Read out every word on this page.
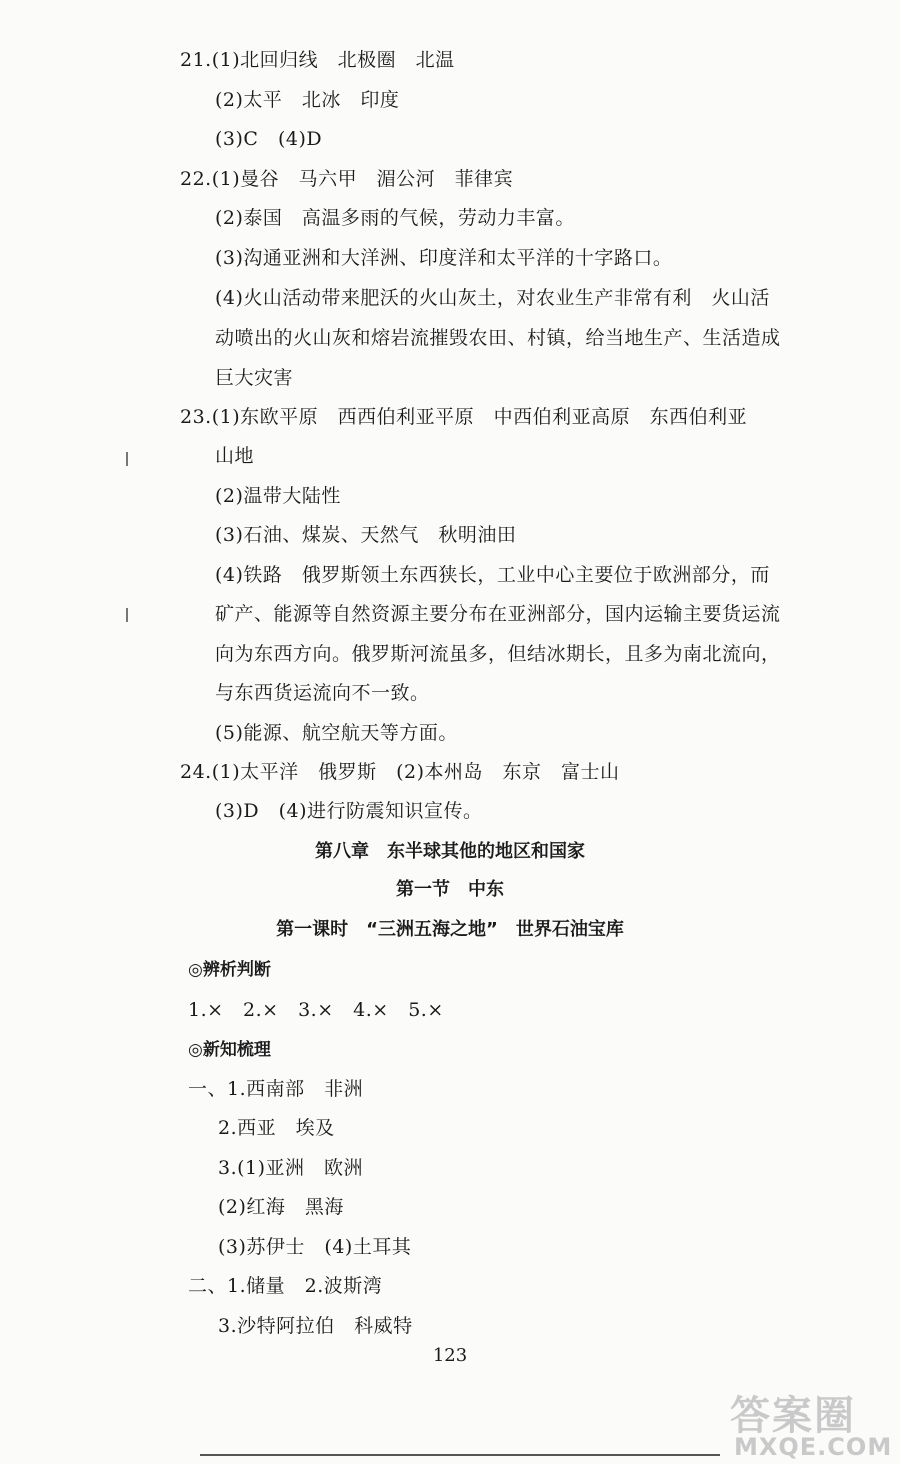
21.(1)北回归线　北极圈　北温
(2)太平　北冰　印度
(3)C　(4)D
22.(1)曼谷　马六甲　湄公河　菲律宾
(2)泰国　高温多雨的气候，劳动力丰富。
(3)沟通亚洲和大洋洲、印度洋和太平洋的十字路口。
(4)火山活动带来肥沃的火山灰土，对农业生产非常有利　火山活
动喷出的火山灰和熔岩流摧毁农田、村镇，给当地生产、生活造成
巨大灾害
23.(1)东欧平原　西西伯利亚平原　中西伯利亚高原　东西伯利亚
山地
(2)温带大陆性
(3)石油、煤炭、天然气　秋明油田
(4)铁路　俄罗斯领土东西狭长，工业中心主要位于欧洲部分，而
矿产、能源等自然资源主要分布在亚洲部分，国内运输主要货运流
向为东西方向。俄罗斯河流虽多，但结冰期长，且多为南北流向，
与东西货运流向不一致。
(5)能源、航空航天等方面。
24.(1)太平洋　俄罗斯　(2)本州岛　东京　富士山
(3)D　(4)进行防震知识宣传。
第八章　东半球其他的地区和国家
第一节　中东
第一课时　“三洲五海之地”　世界石油宝库
◎辨析判断
1.×　2.×　3.×　4.×　5.×
◎新知梳理
一、1.西南部　非洲
2.西亚　埃及
3.(1)亚洲　欧洲
(2)红海　黑海
(3)苏伊士　(4)土耳其
二、1.储量　2.波斯湾
3.沙特阿拉伯　科威特
123
答案圈
MXQE.COM
